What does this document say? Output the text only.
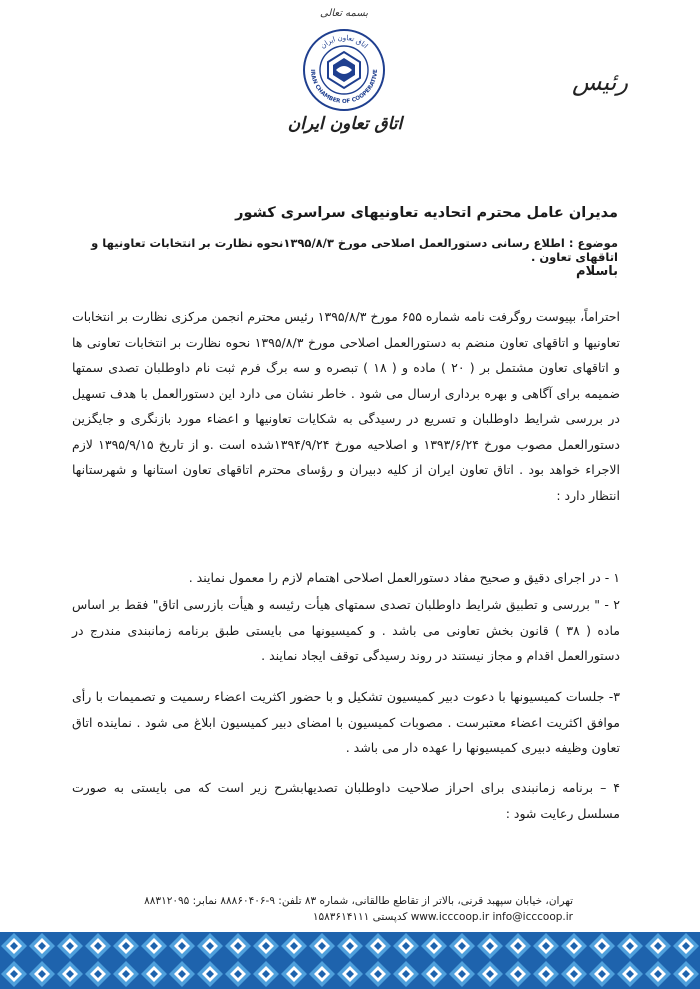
بسمه تعالی
اتاق تعاون ایران
IRAN CHAMBER OF COOPERATIVE
اتاق تعاون ایران
رئیس
مدیران عامل محترم اتحادیه تعاونیهای سراسری کشور
موضوع : اطلاع رسانی دستورالعمل اصلاحی مورخ ۱۳۹۵/۸/۳نحوه نظارت بر انتخابات تعاونیها و اتاقهای تعاون .
باسلام
احتراماً، بپیوست روگرفت نامه شماره ۶۵۵ مورخ ۱۳۹۵/۸/۳ رئیس محترم انجمن مرکزی نظارت بر انتخابات تعاونیها و اتاقهای تعاون منضم به دستورالعمل اصلاحی مورخ ۱۳۹۵/۸/۳ نحوه نظارت بر انتخابات تعاونی ها و اتاقهای تعاون مشتمل بر ( ۲۰ ) ماده و ( ۱۸ ) تبصره و سه برگ فرم ثبت نام داوطلبان تصدی سمتها ضمیمه برای آگاهی و بهره برداری ارسال می شود . خاطر نشان می دارد این دستورالعمل با هدف تسهیل در بررسی شرایط داوطلبان و تسریع در رسیدگی به شکایات تعاونیها و اعضاء مورد بازنگری و جایگزین دستورالعمل مصوب مورخ ۱۳۹۳/۶/۲۴ و اصلاحیه مورخ ۱۳۹۴/۹/۲۴شده است .و از تاریخ ۱۳۹۵/۹/۱۵ لازم الاجراء خواهد بود . اتاق تعاون ایران از کلیه دبیران و رؤسای محترم اتاقهای تعاون استانها و شهرستانها انتظار دارد :
۱ - در اجرای دقیق و صحیح مفاد دستورالعمل اصلاحی اهتمام لازم را معمول نمایند .
۲ - " بررسی و تطبیق شرایط داوطلبان تصدی سمتهای هیأت رئیسه و هیأت بازرسی اتاق" فقط بر اساس ماده ( ۳۸ ) قانون بخش تعاونی می باشد . و کمیسیونها می بایستی طبق برنامه زمانبندی مندرج در دستورالعمل اقدام و مجاز نیستند در روند رسیدگی توقف ایجاد نمایند .
۳- جلسات کمیسیونها با دعوت دبیر کمیسیون تشکیل و با حضور اکثریت اعضاء رسمیت و تصمیمات با رأی موافق اکثریت اعضاء معتبرست . مصوبات کمیسیون با امضای دبیر کمیسیون ابلاغ می شود . نماینده اتاق تعاون وظیفه دبیری کمیسیونها را عهده دار می باشد .
۴ – برنامه زمانبندی برای احراز صلاحیت داوطلبان تصدیهابشرح زیر است که می بایستی به صورت مسلسل رعایت شود :
تهران، خیابان سپهبد قرنی، بالاتر از تقاطع طالقانی، شماره ۸۳ تلفن: ۹-۸۸۸۶۰۴۰۶ نمابر: ۸۸۳۱۲۰۹۵
www.icccoop.ir info@icccoop.ir کدپستی ۱۵۸۳۶۱۴۱۱۱
